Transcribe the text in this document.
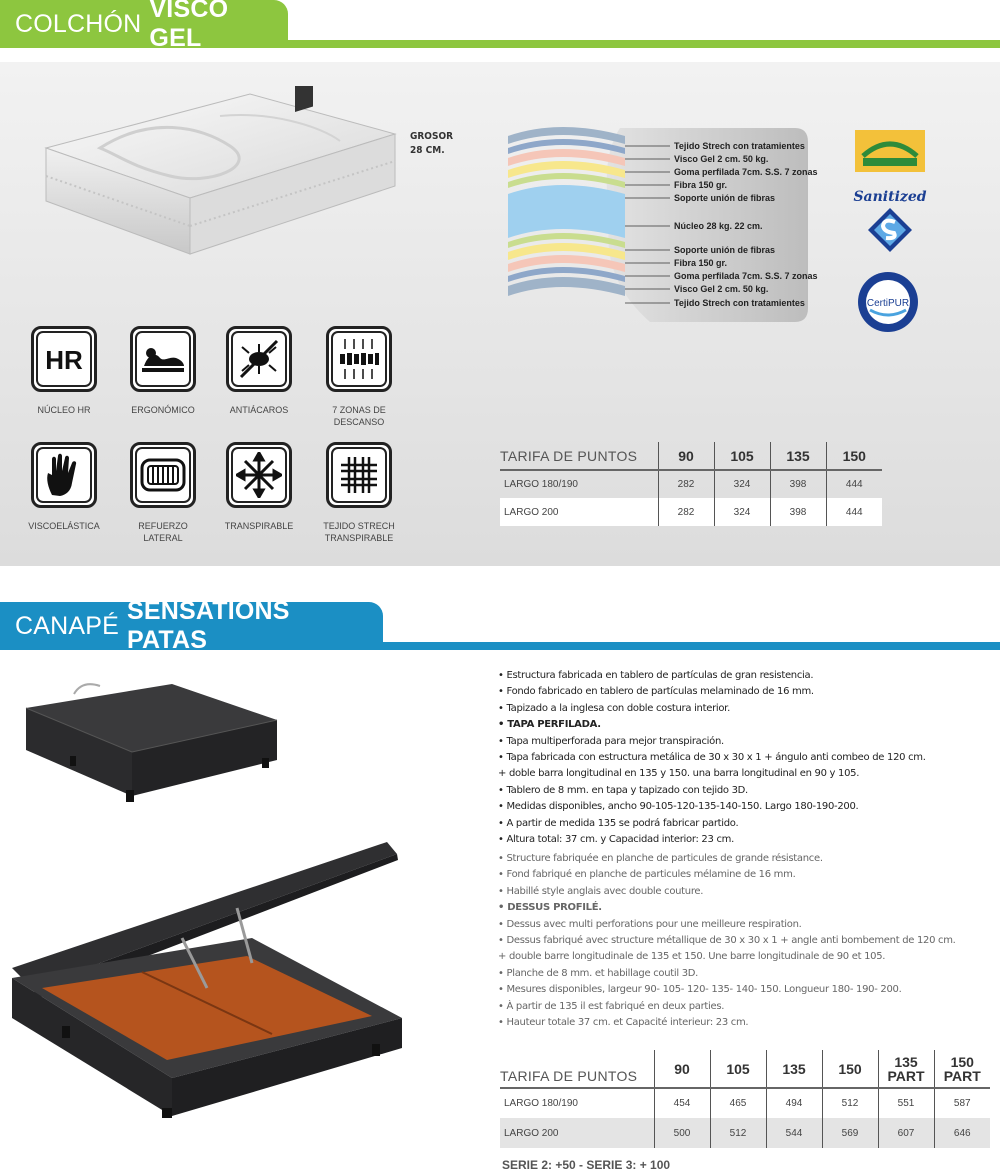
COLCHÓN
VISCO GEL
GROSOR
28 CM.
HR
NÚCLEO HR	ERGONÓMICO	ANTIÁCAROS	7 ZONAS DE DESCANSO
VISCOELÁSTICA	REFUERZO LATERAL
TRANSPIRABLE	TEJIDO STRECH TRANSPIRABLE
Tejido Strech con tratamientes
Visco Gel 2 cm. 50 kg.
Goma perfilada 7cm. S.S. 7 zonas
Fibra 150 gr.
Soporte unión de fibras
Núcleo 28 kg. 22 cm.
Soporte unión de fibras
Fibra 150 gr.
Goma perfilada 7cm. S.S. 7 zonas
Visco Gel 2 cm. 50 kg.
Tejido Strech con tratamientes
Sanitized
CertiPUR
TARIFA DE PUNTOS	90	105	135	150
LARGO 180/190	282	324	398	444
LARGO 200	282	324	398	444
CANAPÉ
SENSATIONS PATAS
• Estructura fabricada en tablero de partículas de gran resistencia.
• Fondo fabricado en tablero de partículas melaminado de 16 mm.
• Tapizado a la inglesa con doble costura interior.
• TAPA PERFILADA.
• Tapa multiperforada para mejor transpiración.
• Tapa fabricada con estructura metálica de 30 x 30 x 1 + ángulo anti combeo de 120 cm.
+ doble barra longitudinal en 135 y 150. una barra longitudinal en 90 y 105.
• Tablero de 8 mm. en tapa y tapizado con tejido 3D.
• Medidas disponibles, ancho 90-105-120-135-140-150. Largo 180-190-200.
• A partir de medida 135 se podrá fabricar partido.
• Altura total: 37 cm. y Capacidad interior: 23 cm.
• Structure fabriquée en planche de particules de grande résistance.
• Fond fabriqué en planche de particules mélamine de 16 mm.
• Habillé style anglais avec double couture.
• DESSUS PROFILÉ.
• Dessus avec multi perforations pour une meilleure respiration.
• Dessus fabriqué avec structure métallique de 30 x 30 x 1 + angle anti bombement de 120 cm.
+ double barre longitudinale de 135 et 150. Une barre longitudinale de 90 et 105.
• Planche de 8 mm. et habillage coutil 3D.
• Mesures disponibles, largeur 90- 105- 120- 135- 140- 150. Longueur 180- 190- 200.
• À partir de 135 il est fabriqué en deux parties.
• Hauteur totale 37 cm. et Capacité interieur: 23 cm.
TARIFA DE PUNTOS	90	105	135	150	135 PART	150 PART
LARGO 180/190	454	465	494	512	551	587
LARGO 200	500	512	544	569	607	646
SERIE 2: +50 - SERIE 3: + 100
